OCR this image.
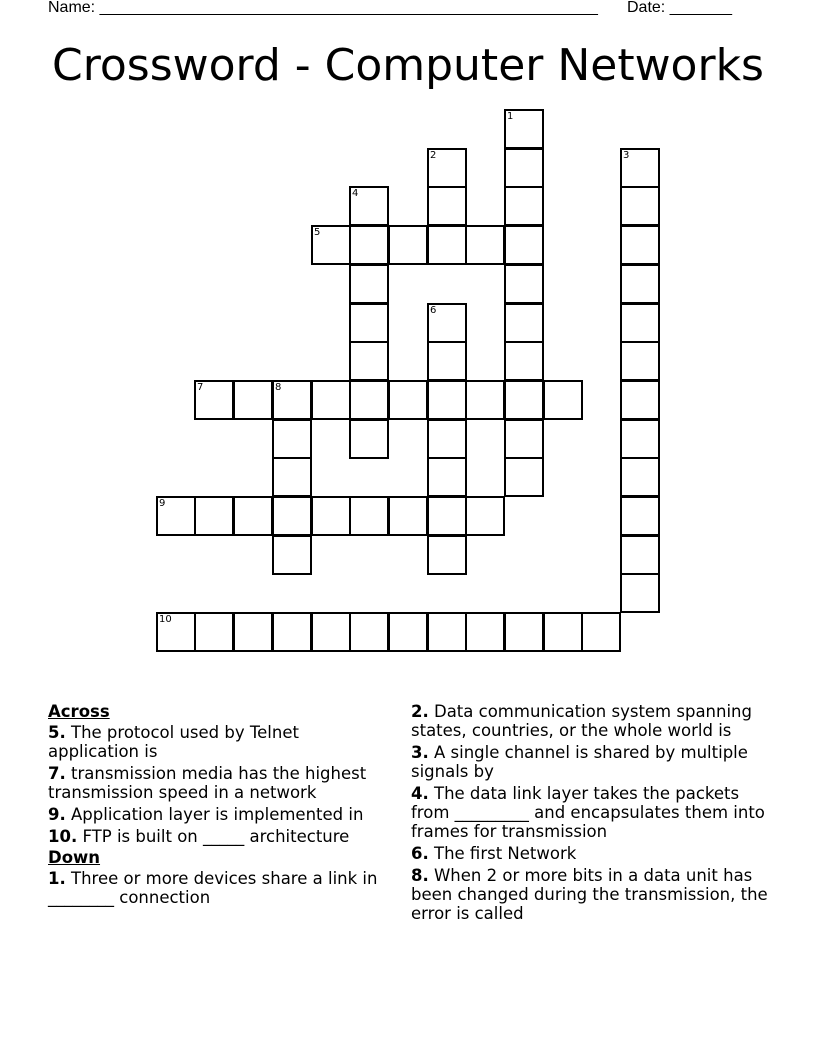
Name: ________________________________________________________ Date: _______
Crossword - Computer Networks
1
2	3
4
5
6
7	8
9
10
Across
5. The protocol used by Telnet application is
7. transmission media has the highest transmission speed in a network
9. Application layer is implemented in
10. FTP is built on _____ architecture
Down
1. Three or more devices share a link in ________ connection
2. Data communication system spanning states, countries, or the whole world is
3. A single channel is shared by multiple signals by
4. The data link layer takes the packets from _________ and encapsulates them into frames for transmission
6. The first Network
8. When 2 or more bits in a data unit has been changed during the transmission, the error is called
